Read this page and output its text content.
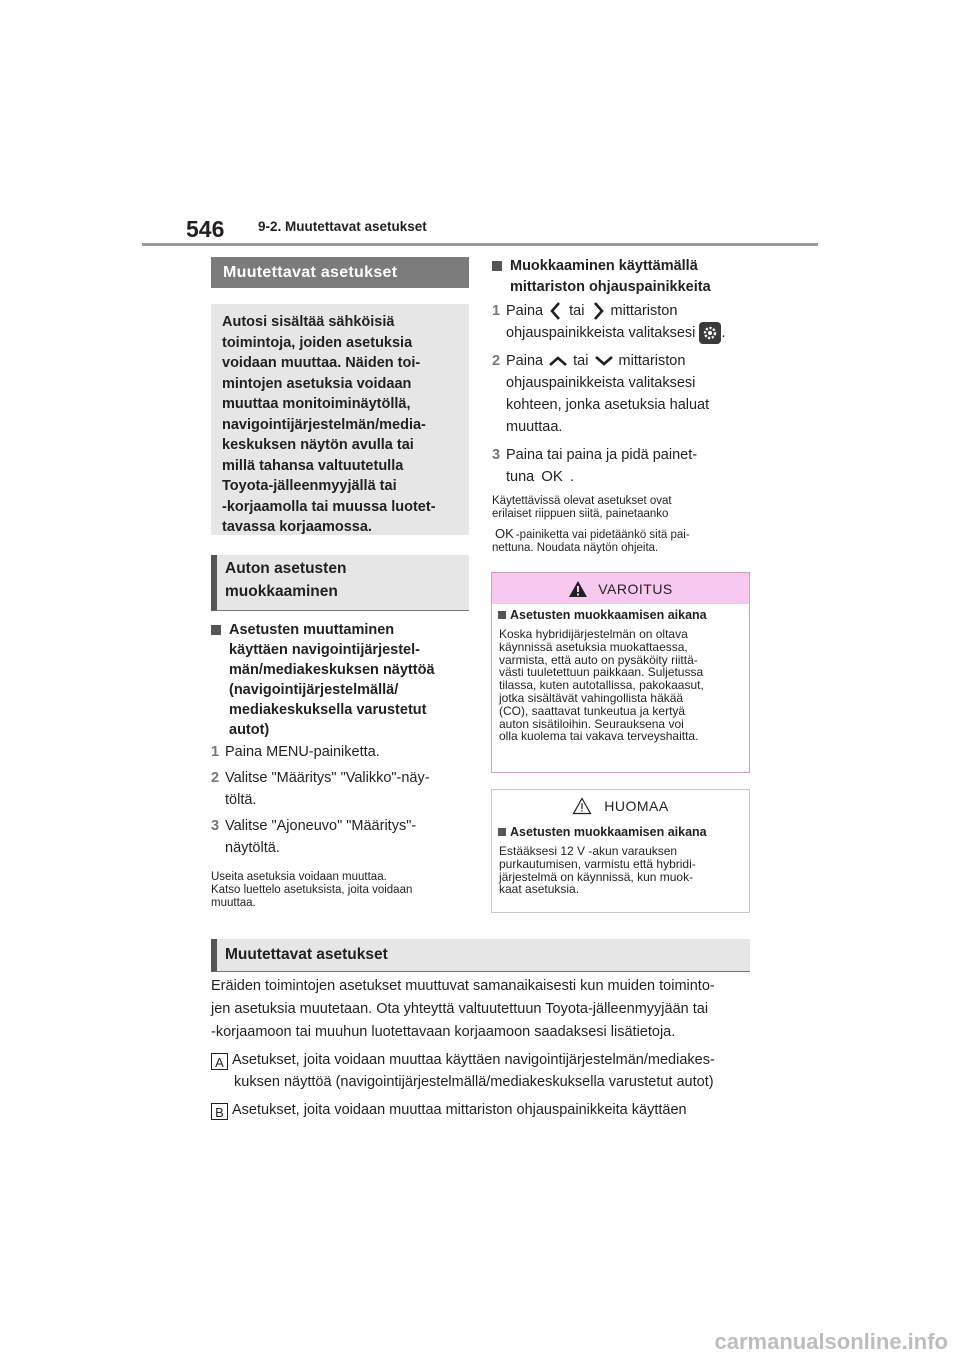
546 9-2. Muutettavat asetukset
Muutettavat asetukset
Autosi sisältää sähköisiä
toimintoja, joiden asetuksia
voidaan muuttaa. Näiden toi-
mintojen asetuksia voidaan
muuttaa monitoiminäytöllä,
navigointijärjestelmän/media-
keskuksen näytön avulla tai
millä tahansa valtuutetulla
Toyota-jälleenmyyjällä tai
-korjaamolla tai muussa luotet-
tavassa korjaamossa.
Auton asetusten
muokkaaminen
Asetusten muuttaminen
käyttäen navigointijärjestel-
män/mediakeskuksen näyttöä
(navigointijärjestelmällä/
mediakeskuksella varustetut
autot)
1 Paina MENU-painiketta.
2 Valitse "Määritys" "Valikko"-näy-
töltä.
3 Valitse "Ajoneuvo" "Määritys"-
näytöltä.
Useita asetuksia voidaan muuttaa.
Katso luettelo asetuksista, joita voidaan
muuttaa.
Muokkaaminen käyttämällä
mittariston ohjauspainikkeita
1 Paina tai mittariston
ohjauspainikkeista valitaksesi .
2 Paina tai mittariston
ohjauspainikkeista valitaksesi
kohteen, jonka asetuksia haluat
muuttaa.
3 Paina tai paina ja pidä painet-
tuna OK .
Käytettävissä olevat asetukset ovat
erilaiset riippuen siitä, painetaanko
OK -painiketta vai pidetäänkö sitä pai-
nettuna. Noudata näytön ohjeita.
VAROITUS
Asetusten muokkaamisen aikana
Koska hybridijärjestelmän on oltava
käynnissä asetuksia muokattaessa,
varmista, että auto on pysäköity riittä-
västi tuuletettuun paikkaan. Suljetussa
tilassa, kuten autotallissa, pakokaasut,
jotka sisältävät vahingollista häkää
(CO), saattavat tunkeutua ja kertyä
auton sisätiloihin. Seurauksena voi
olla kuolema tai vakava terveyshaitta.
HUOMAA
Asetusten muokkaamisen aikana
Estääksesi 12 V -akun varauksen
purkautumisen, varmistu että hybridi-
järjestelmä on käynnissä, kun muok-
kaat asetuksia.
Muutettavat asetukset
Eräiden toimintojen asetukset muuttuvat samanaikaisesti kun muiden toiminto-
jen asetuksia muutetaan. Ota yhteyttä valtuutettuun Toyota-jälleenmyyjään tai
-korjaamoon tai muuhun luotettavaan korjaamoon saadaksesi lisätietoja.
A Asetukset, joita voidaan muuttaa käyttäen navigointijärjestelmän/mediakes-
kuksen näyttöä (navigointijärjestelmällä/mediakeskuksella varustetut autot)
B Asetukset, joita voidaan muuttaa mittariston ohjauspainikkeita käyttäen
carmanualsonline.info
